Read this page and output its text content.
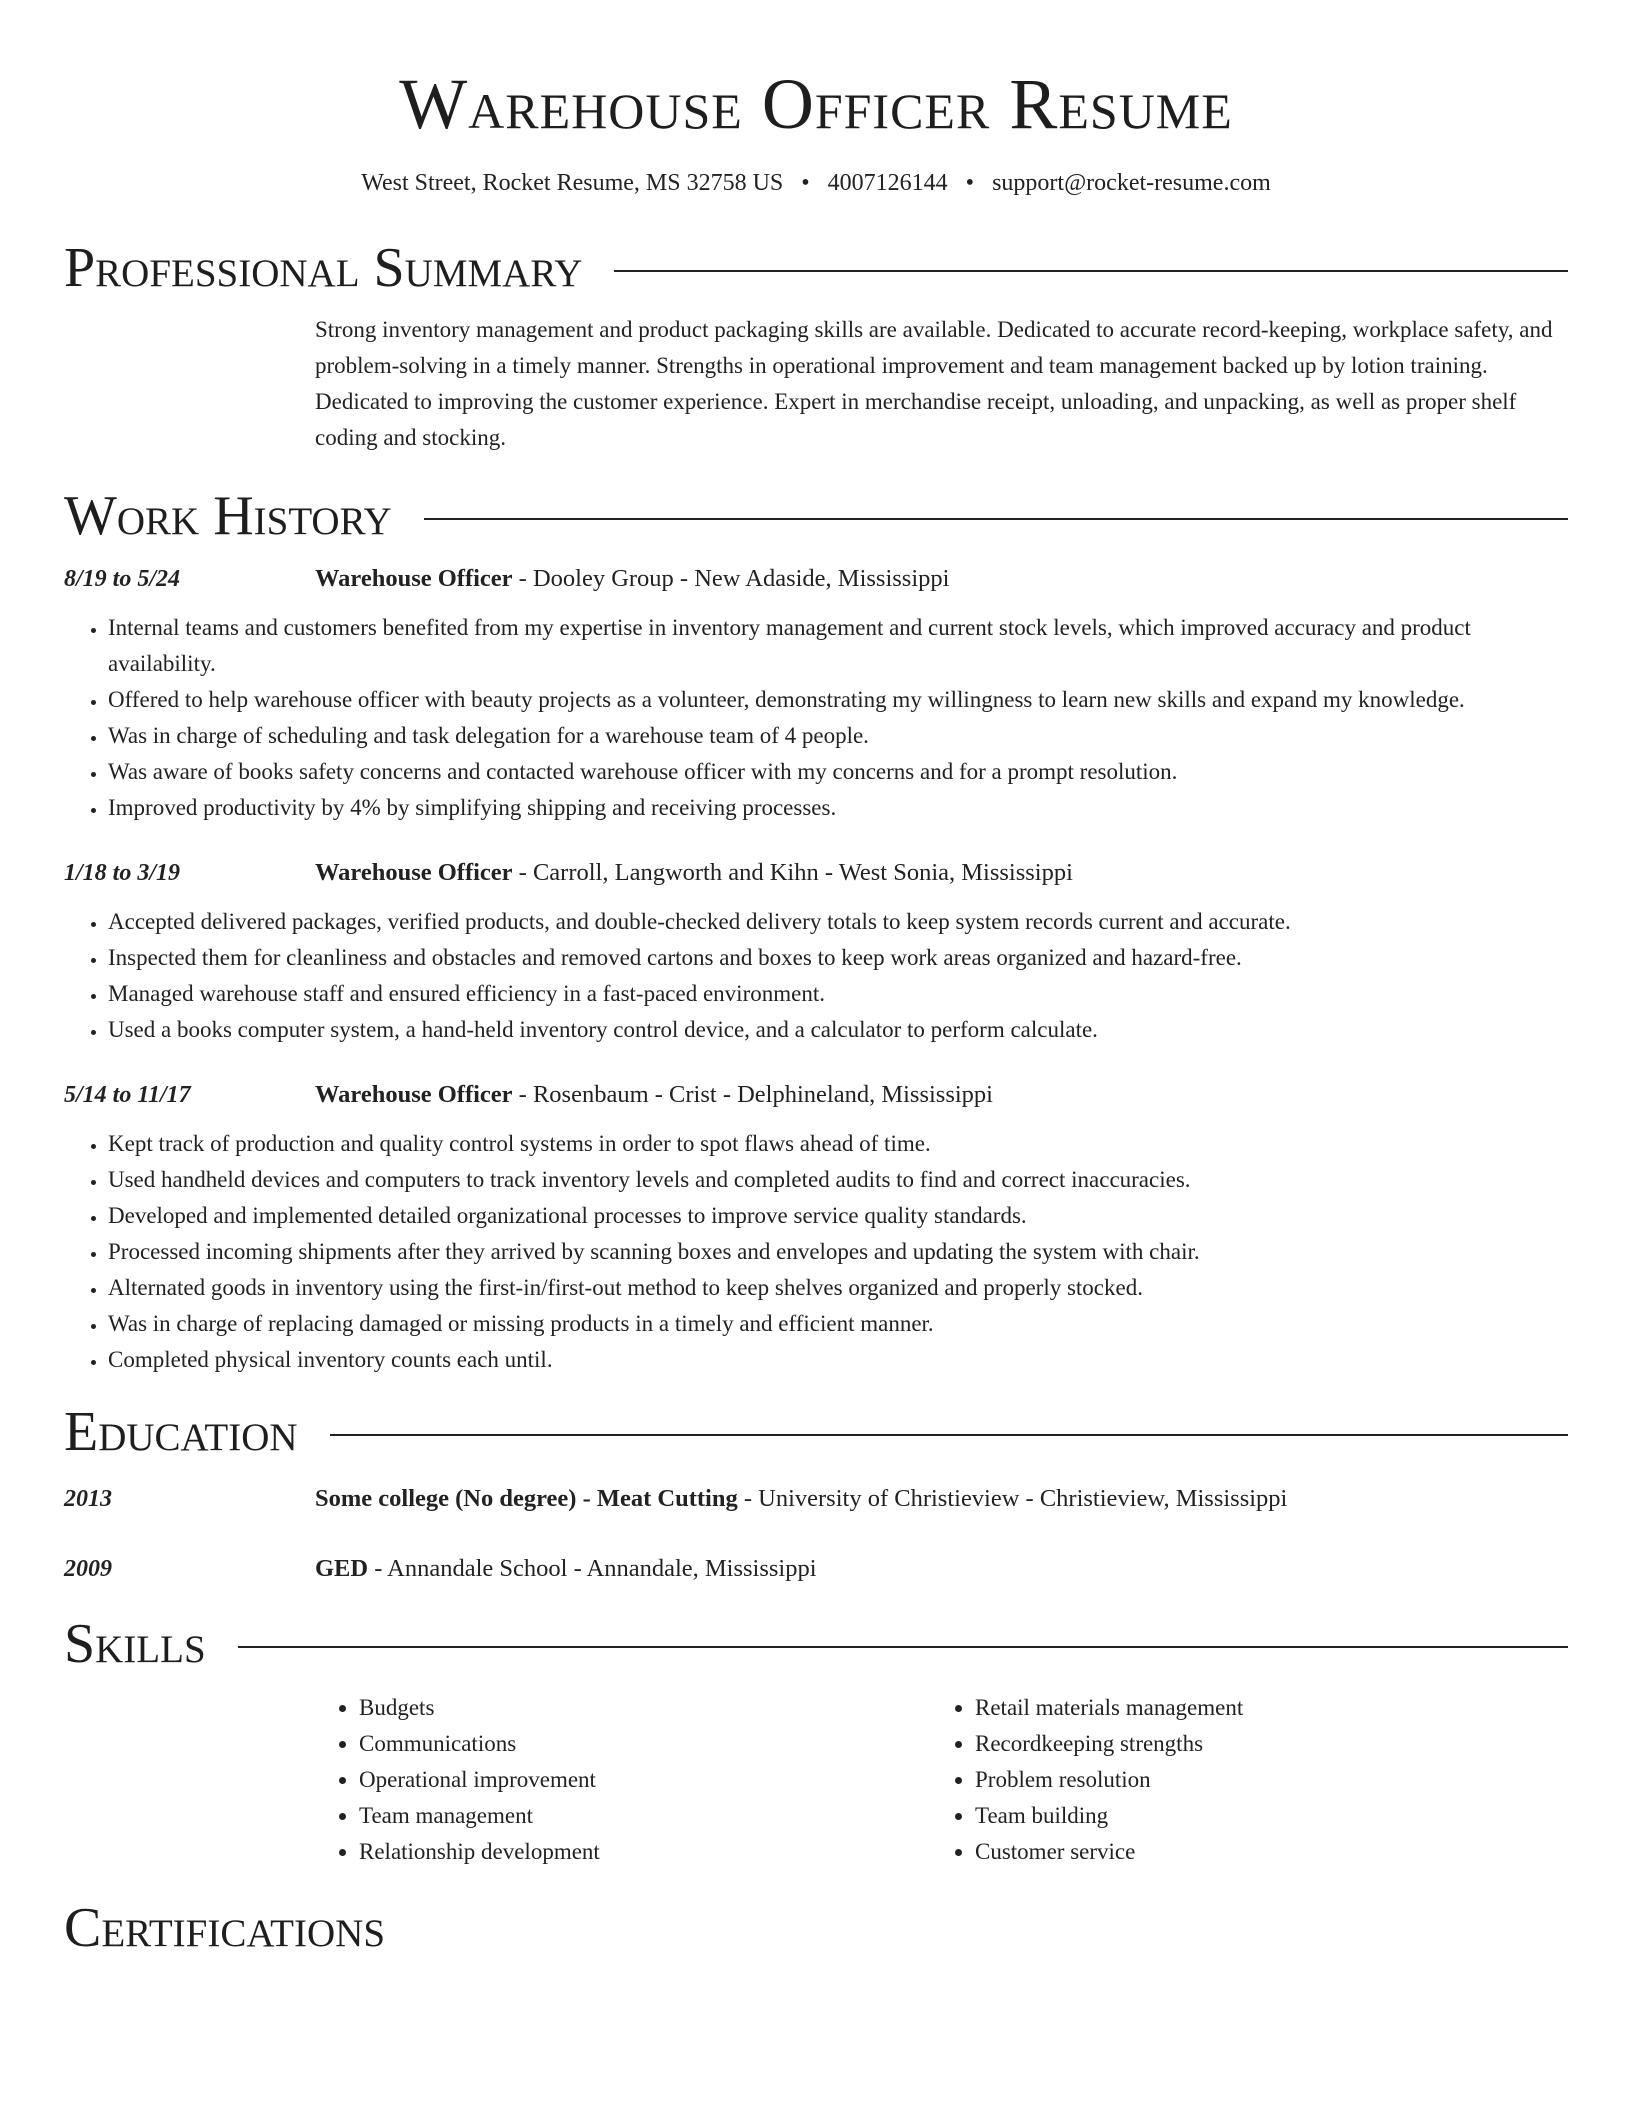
Warehouse Officer Resume
West Street, Rocket Resume, MS 32758 US • 4007126144 • support@rocket-resume.com
Professional Summary
Strong inventory management and product packaging skills are available. Dedicated to accurate record-keeping, workplace safety, and problem-solving in a timely manner. Strengths in operational improvement and team management backed up by lotion training. Dedicated to improving the customer experience. Expert in merchandise receipt, unloading, and unpacking, as well as proper shelf coding and stocking.
Work History
8/19 to 5/24	Warehouse Officer - Dooley Group - New Adaside, Mississippi
• Internal teams and customers benefited from my expertise in inventory management and current stock levels, which improved accuracy and product availability.
• Offered to help warehouse officer with beauty projects as a volunteer, demonstrating my willingness to learn new skills and expand my knowledge.
• Was in charge of scheduling and task delegation for a warehouse team of 4 people.
• Was aware of books safety concerns and contacted warehouse officer with my concerns and for a prompt resolution.
• Improved productivity by 4% by simplifying shipping and receiving processes.
1/18 to 3/19	Warehouse Officer - Carroll, Langworth and Kihn - West Sonia, Mississippi
• Accepted delivered packages, verified products, and double-checked delivery totals to keep system records current and accurate.
• Inspected them for cleanliness and obstacles and removed cartons and boxes to keep work areas organized and hazard-free.
• Managed warehouse staff and ensured efficiency in a fast-paced environment.
• Used a books computer system, a hand-held inventory control device, and a calculator to perform calculate.
5/14 to 11/17	Warehouse Officer - Rosenbaum - Crist - Delphineland, Mississippi
• Kept track of production and quality control systems in order to spot flaws ahead of time.
• Used handheld devices and computers to track inventory levels and completed audits to find and correct inaccuracies.
• Developed and implemented detailed organizational processes to improve service quality standards.
• Processed incoming shipments after they arrived by scanning boxes and envelopes and updating the system with chair.
• Alternated goods in inventory using the first-in/first-out method to keep shelves organized and properly stocked.
• Was in charge of replacing damaged or missing products in a timely and efficient manner.
• Completed physical inventory counts each until.
Education
2013	Some college (No degree) - Meat Cutting - University of Christieview - Christieview, Mississippi
2009	GED - Annandale School - Annandale, Mississippi
Skills
• Budgets
• Communications
• Operational improvement
• Team management
• Relationship development
• Retail materials management
• Recordkeeping strengths
• Problem resolution
• Team building
• Customer service
Certifications
